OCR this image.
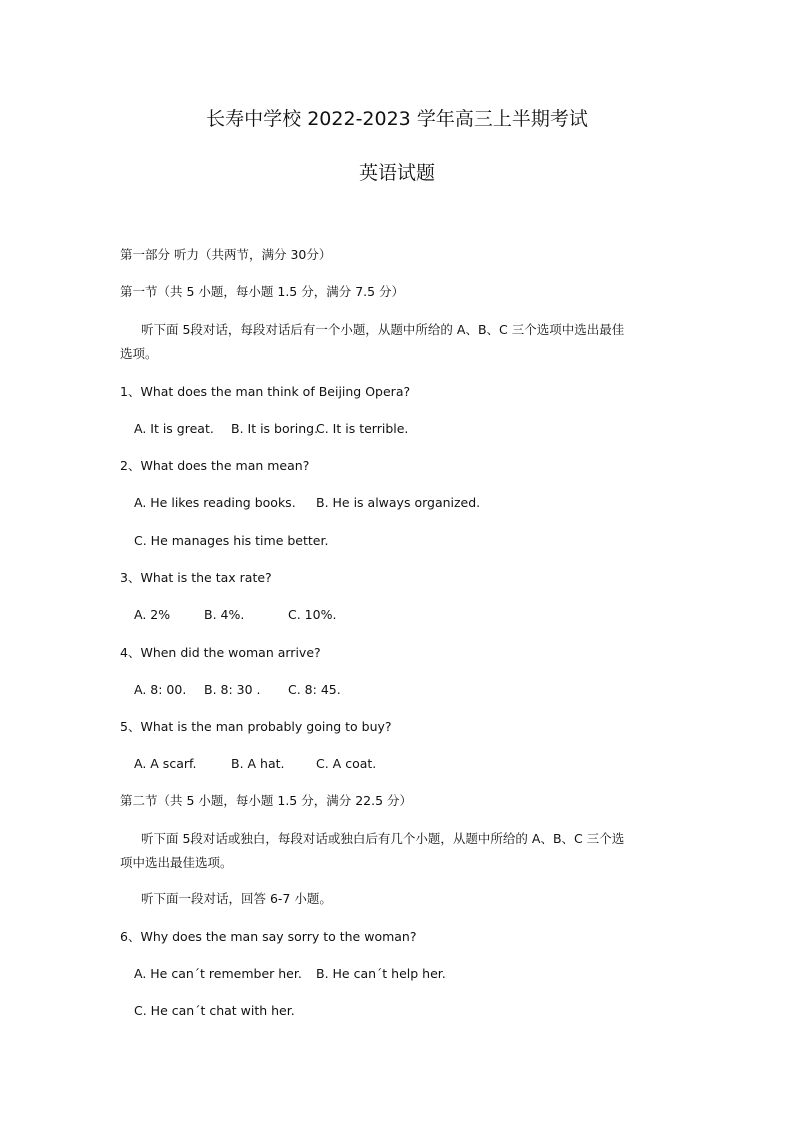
长寿中学校 2022-2023 学年高三上半期考试
英语试题
第一部分 听力（共两节，满分 30分）
第一节（共 5 小题，每小题 1.5 分，满分 7.5 分）
听下面 5段对话，每段对话后有一个小题，从题中所给的 A、B、C 三个选项中选出最佳
选项。
1、What does the man think of Beijing Opera?
A. It is great. B. It is boring.
C. It is terrible.
2、What does the man mean?
A. He likes reading books. B. He is always organized.
C. He manages his time better.
3、What is the tax rate?
A. 2%	B. 4%.	C. 10%.
4、When did the woman arrive?
A. 8: 00. B. 8: 30 . C. 8: 45.
5、What is the man probably going to buy?
A. A scarf.	B. A hat.	C. A coat.
第二节（共 5 小题，每小题 1.5 分，满分 22.5 分）
听下面 5段对话或独白，每段对话或独白后有几个小题，从题中所给的 A、B、C 三个选
项中选出最佳选项。
听下面一段对话，回答 6-7 小题。
6、Why does the man say sorry to the woman?
A. He can΄t remember her. B. He can΄t help her.
C. He can΄t chat with her.
